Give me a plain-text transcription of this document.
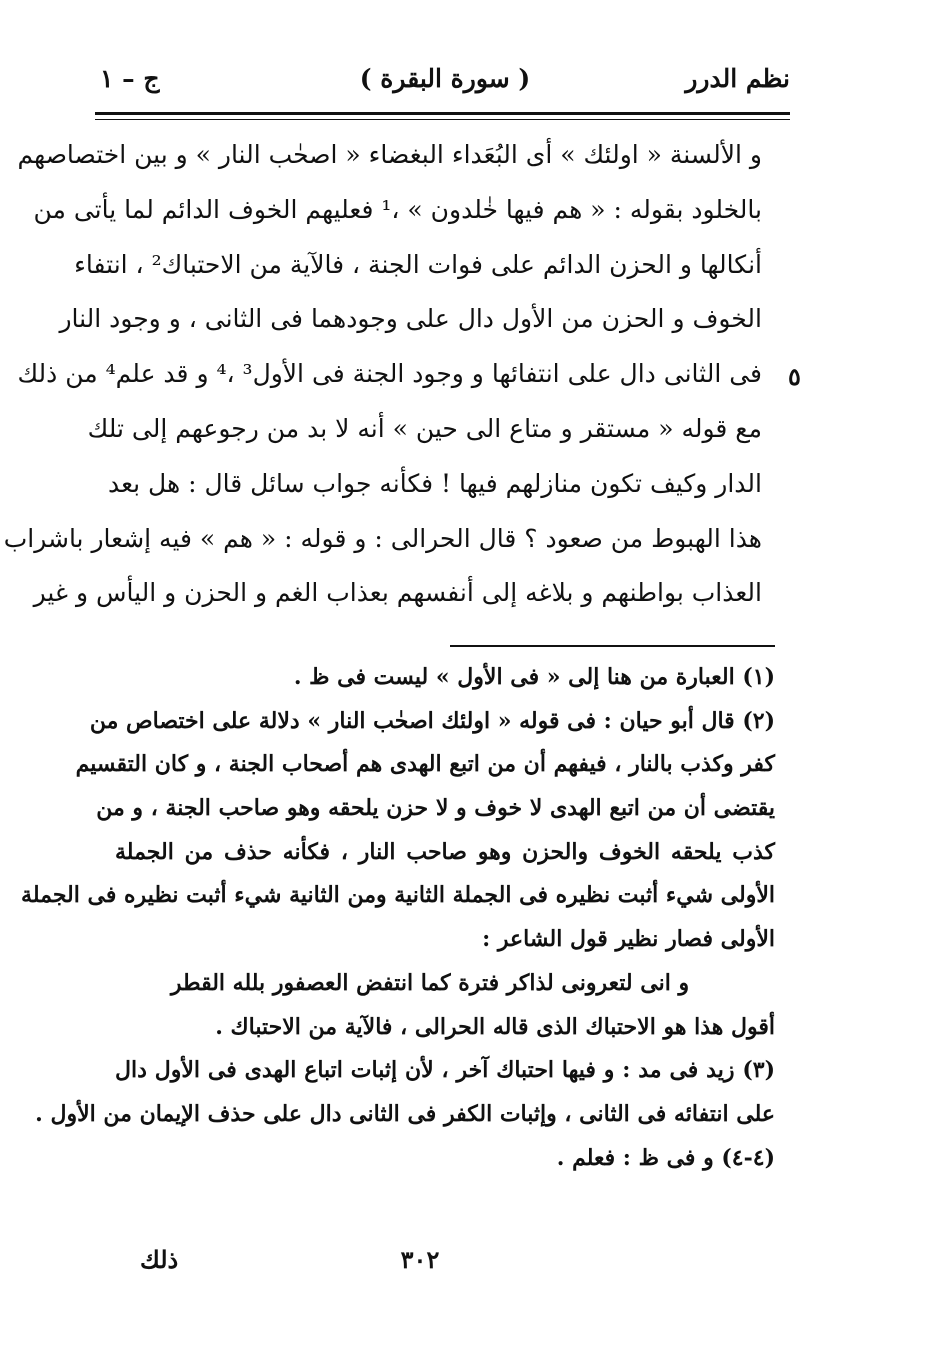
نظم الدرر
( سورة البقرة )
ج – ١
٥
و الألسنة « اولئك » أى البُعَداء البغضاء « اصحٰب النار » و بين اختصاصهم
بالخلود بقوله : « هم فيها خٰلدون » ،¹ فعليهم الخوف الدائم لما يأتى من
أنكالها و الحزن الدائم على فوات الجنة ، فالآية من الاحتباك² ، انتفاء
الخوف و الحزن من الأول دال على وجودهما فى الثانى ، و وجود النار
فى الثانى دال على انتفائها و وجود الجنة فى الأول³ ،⁴ و قد علم⁴ من ذلك
مع قوله « مستقر و متاع الى حين » أنه لا بد من رجوعهم إلى تلك
الدار وكيف تكون منازلهم فيها ! فكأنه جواب سائل قال : هل بعد
هذا الهبوط من صعود ؟ قال الحرالى : و قوله : « هم » فيه إشعار باشراب
العذاب بواطنهم و بلاغه إلى أنفسهم بعذاب الغم و الحزن و اليأس و غير
(١) العبارة من هنا إلى « فى الأول » ليست فى ظ .
(٢) قال أبو حيان : فى قوله « اولئك اصحٰب النار » دلالة على اختصاص من
كفر وكذب بالنار ، فيفهم أن من اتبع الهدى هم أصحاب الجنة ، و كان التقسيم
يقتضى أن من اتبع الهدى لا خوف و لا حزن يلحقه وهو صاحب الجنة ، و من
كذب يلحقه الخوف والحزن وهو صاحب النار ، فكأنه حذف من الجملة
الأولى شيء أثبت نظيره فى الجملة الثانية ومن الثانية شيء أثبت نظيره فى الجملة
الأولى فصار نظير قول الشاعر :
و انى لتعرونى لذاكر فترة كما انتفض العصفور بلله القطر
أقول هذا هو الاحتباك الذى قاله الحرالى ، فالآية من الاحتباك .
(٣) زيد فى مد : و فيها احتباك آخر ، لأن إثبات اتباع الهدى فى الأول دال
على انتفائه فى الثانى ، وإثبات الكفر فى الثانى دال على حذف الإيمان من الأول .
(٤-٤) و فى ظ : فعلم .
٣٠٢
ذلك
